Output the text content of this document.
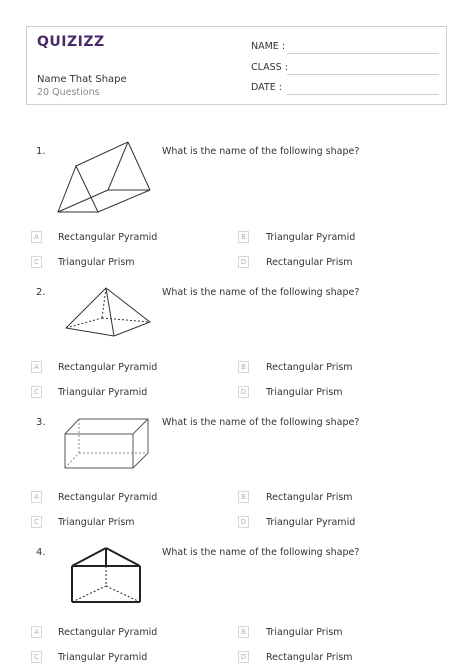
QUIZIZZ
Name That Shape
20 Questions
NAME :
CLASS :
DATE :
1.	What is the name of the following shape?
A	Rectangular Pyramid	B	Triangular Pyramid
C	Triangular Prism	D Rectangular Prism
2.	What is the name of the following shape?
A	Rectangular Pyramid	B	Rectangular Prism
C	Triangular Pyramid	D Triangular Prism
3.	What is the name of the following shape?
A	Rectangular Pyramid	B	Rectangular Prism
C	Triangular Prism	D Triangular Pyramid
4.	What is the name of the following shape?
A	Rectangular Pyramid	B	Triangular Prism
C	Triangular Pyramid	D Rectangular Prism
